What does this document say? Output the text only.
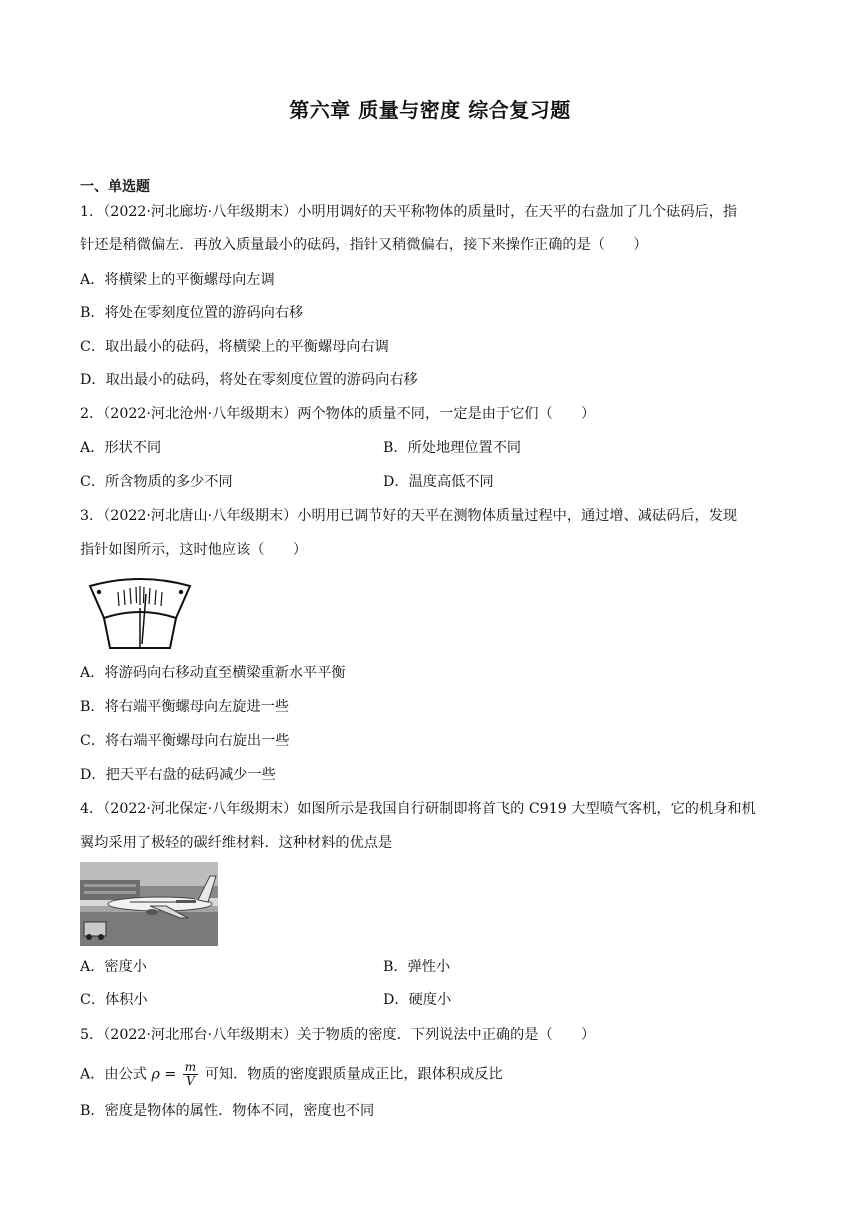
第六章 质量与密度 综合复习题
一、单选题
1．（2022·河北廊坊·八年级期末）小明用调好的天平称物体的质量时，在天平的右盘加了几个砝码后，指
针还是稍微偏左．再放入质量最小的砝码，指针又稍微偏右，接下来操作正确的是（　　）
A．将横梁上的平衡螺母向左调
B．将处在零刻度位置的游码向右移
C．取出最小的砝码，将横梁上的平衡螺母向右调
D．取出最小的砝码，将处在零刻度位置的游码向右移
2．（2022·河北沧州·八年级期末）两个物体的质量不同，一定是由于它们（　　）
A．形状不同	B．所处地理位置不同
C．所含物质的多少不同	D．温度高低不同
3．（2022·河北唐山·八年级期末）小明用已调节好的天平在测物体质量过程中，通过增、减砝码后，发现
指针如图所示，这时他应该（　　）
A．将游码向右移动直至横梁重新水平平衡
B．将右端平衡螺母向左旋进一些
C．将右端平衡螺母向右旋出一些
D．把天平右盘的砝码减少一些
4．（2022·河北保定·八年级期末）如图所示是我国自行研制即将首飞的 C919 大型喷气客机，它的机身和机
翼均采用了极轻的碳纤维材料．这种材料的优点是
A．密度小	B．弹性小
C．体积小	D．硬度小
5．（2022·河北邢台·八年级期末）关于物质的密度．下列说法中正确的是（　　）
A．由公式 $\rho = \frac{m}{V}$ 可知．物质的密度跟质量成正比，跟体积成反比
B．密度是物体的属性．物体不同，密度也不同
